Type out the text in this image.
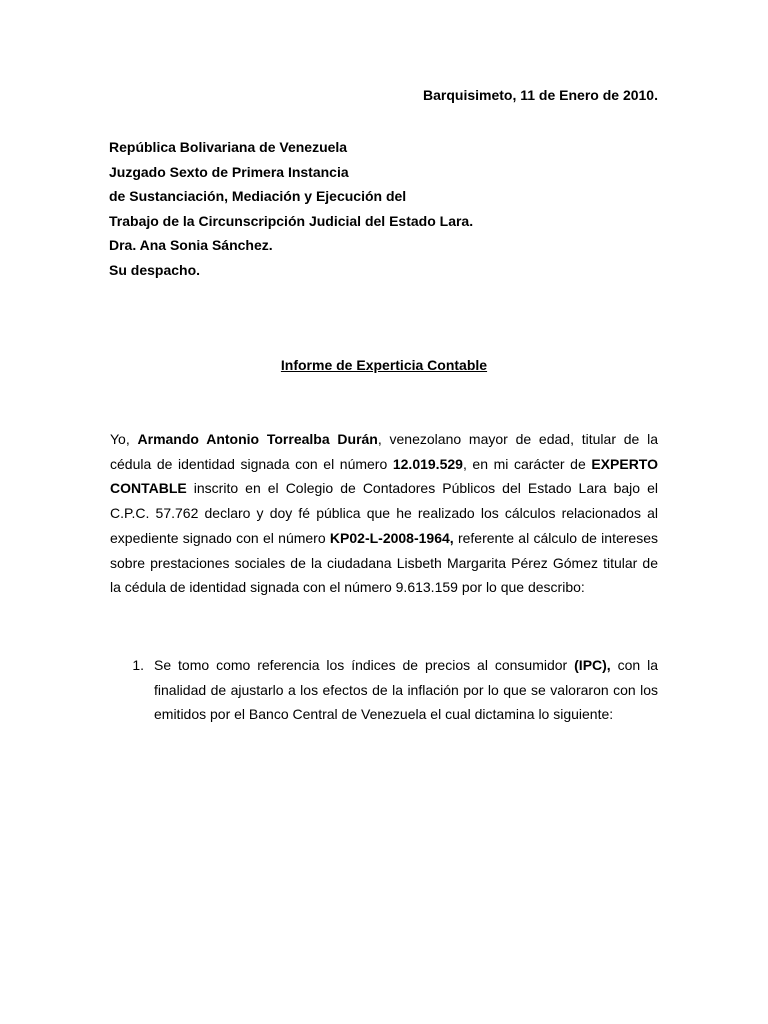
Barquisimeto, 11 de Enero de 2010.
República Bolivariana de Venezuela
Juzgado Sexto de Primera Instancia
de Sustanciación, Mediación y Ejecución del
Trabajo de la Circunscripción Judicial del Estado Lara.
Dra. Ana Sonia Sánchez.
Su despacho.
Informe de Experticia Contable
Yo, Armando Antonio Torrealba Durán, venezolano mayor de edad, titular de la cédula de identidad signada con el número 12.019.529, en mi carácter de EXPERTO CONTABLE inscrito en el Colegio de Contadores Públicos del Estado Lara bajo el C.P.C. 57.762 declaro y doy fé pública que he realizado los cálculos relacionados al expediente signado con el número KP02-L-2008-1964, referente al cálculo de intereses sobre prestaciones sociales de la ciudadana Lisbeth Margarita Pérez Gómez titular de la cédula de identidad signada con el número 9.613.159 por lo que describo:
1. Se tomo como referencia los índices de precios al consumidor (IPC), con la finalidad de ajustarlo a los efectos de la inflación por lo que se valoraron con los emitidos por el Banco Central de Venezuela el cual dictamina lo siguiente:
